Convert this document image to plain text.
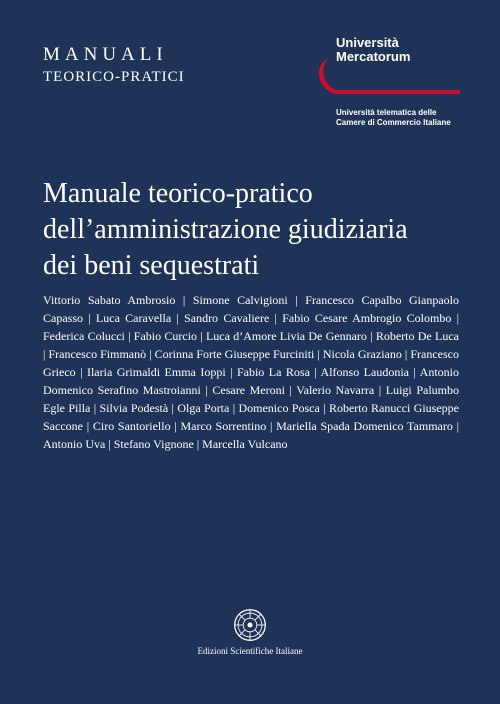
MANUALI
TEORICO-PRATICI
Università
Mercatorum
Università telematica delle
Camere di Commercio Italiane
Manuale teorico-pratico
dell’amministrazione giudiziaria
dei beni sequestrati
Vittorio Sabato Ambrosio | Simone Calvigioni | Francesco Capalbo Gianpaolo Capasso | Luca Caravella | Sandro Cavaliere | Fabio Cesare Ambrogio Colombo | Federica Colucci | Fabio Curcio | Luca d’Amore Livia De Gennaro | Roberto De Luca | Francesco Fimmanò | Corinna Forte Giuseppe Furciniti | Nicola Graziano | Francesco Grieco | Ilaria Grimaldi Emma Ioppi | Fabio La Rosa | Alfonso Laudonia | Antonio Domenico Serafino Mastroianni | Cesare Meroni | Valerio Navarra | Luigi Palumbo Egle Pilla | Silvia Podestà | Olga Porta | Domenico Posca | Roberto Ranucci Giuseppe Saccone | Ciro Santoriello | Marco Sorrentino | Mariella Spada Domenico Tammaro | Antonio Uva | Stefano Vignone | Marcella Vulcano
Edizioni Scientifiche Italiane
